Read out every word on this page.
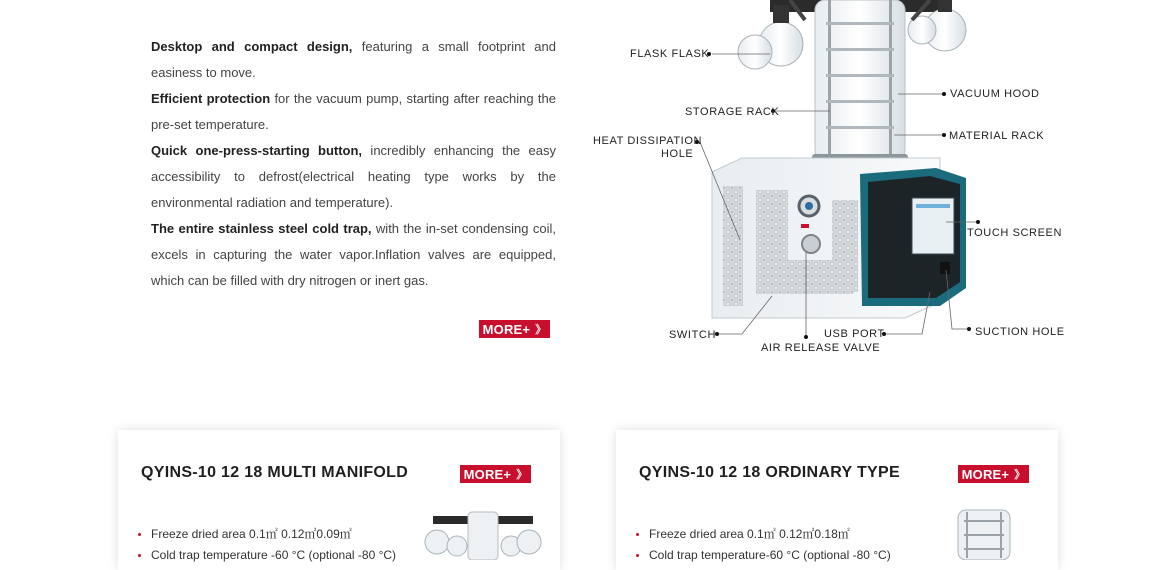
Desktop and compact design, featuring a small footprint and easiness to move.

Efficient protection for the vacuum pump, starting after reaching the pre-set temperature.

Quick one-press-starting button, incredibly enhancing the easy accessibility to defrost(electrical heating type works by the environmental radiation and temperature).

The entire stainless steel cold trap, with the in-set condensing coil, excels in capturing the water vapor.Inflation valves are equipped, which can be filled with dry nitrogen or inert gas.

MORE+ 》
FLASK FLASK
STORAGE RACK
HEAT DISSIPATION
HOLE
VACUUM HOOD
MATERIAL RACK
TOUCH SCREEN
SWITCH	USB PORT
AIR RELEASE VALVE
SUCTION HOLE
QYINS-10 12 18 MULTI MANIFOLD	MORE+ 》
Freeze dried area 0.1㎡ 0.12㎡0.09㎡
Cold trap temperature -60 °C (optional -80 °C)
QYINS-10 12 18 ORDINARY TYPE	MORE+ 》
Freeze dried area 0.1㎡ 0.12㎡0.18㎡
Cold trap temperature-60 °C (optional -80 °C)
